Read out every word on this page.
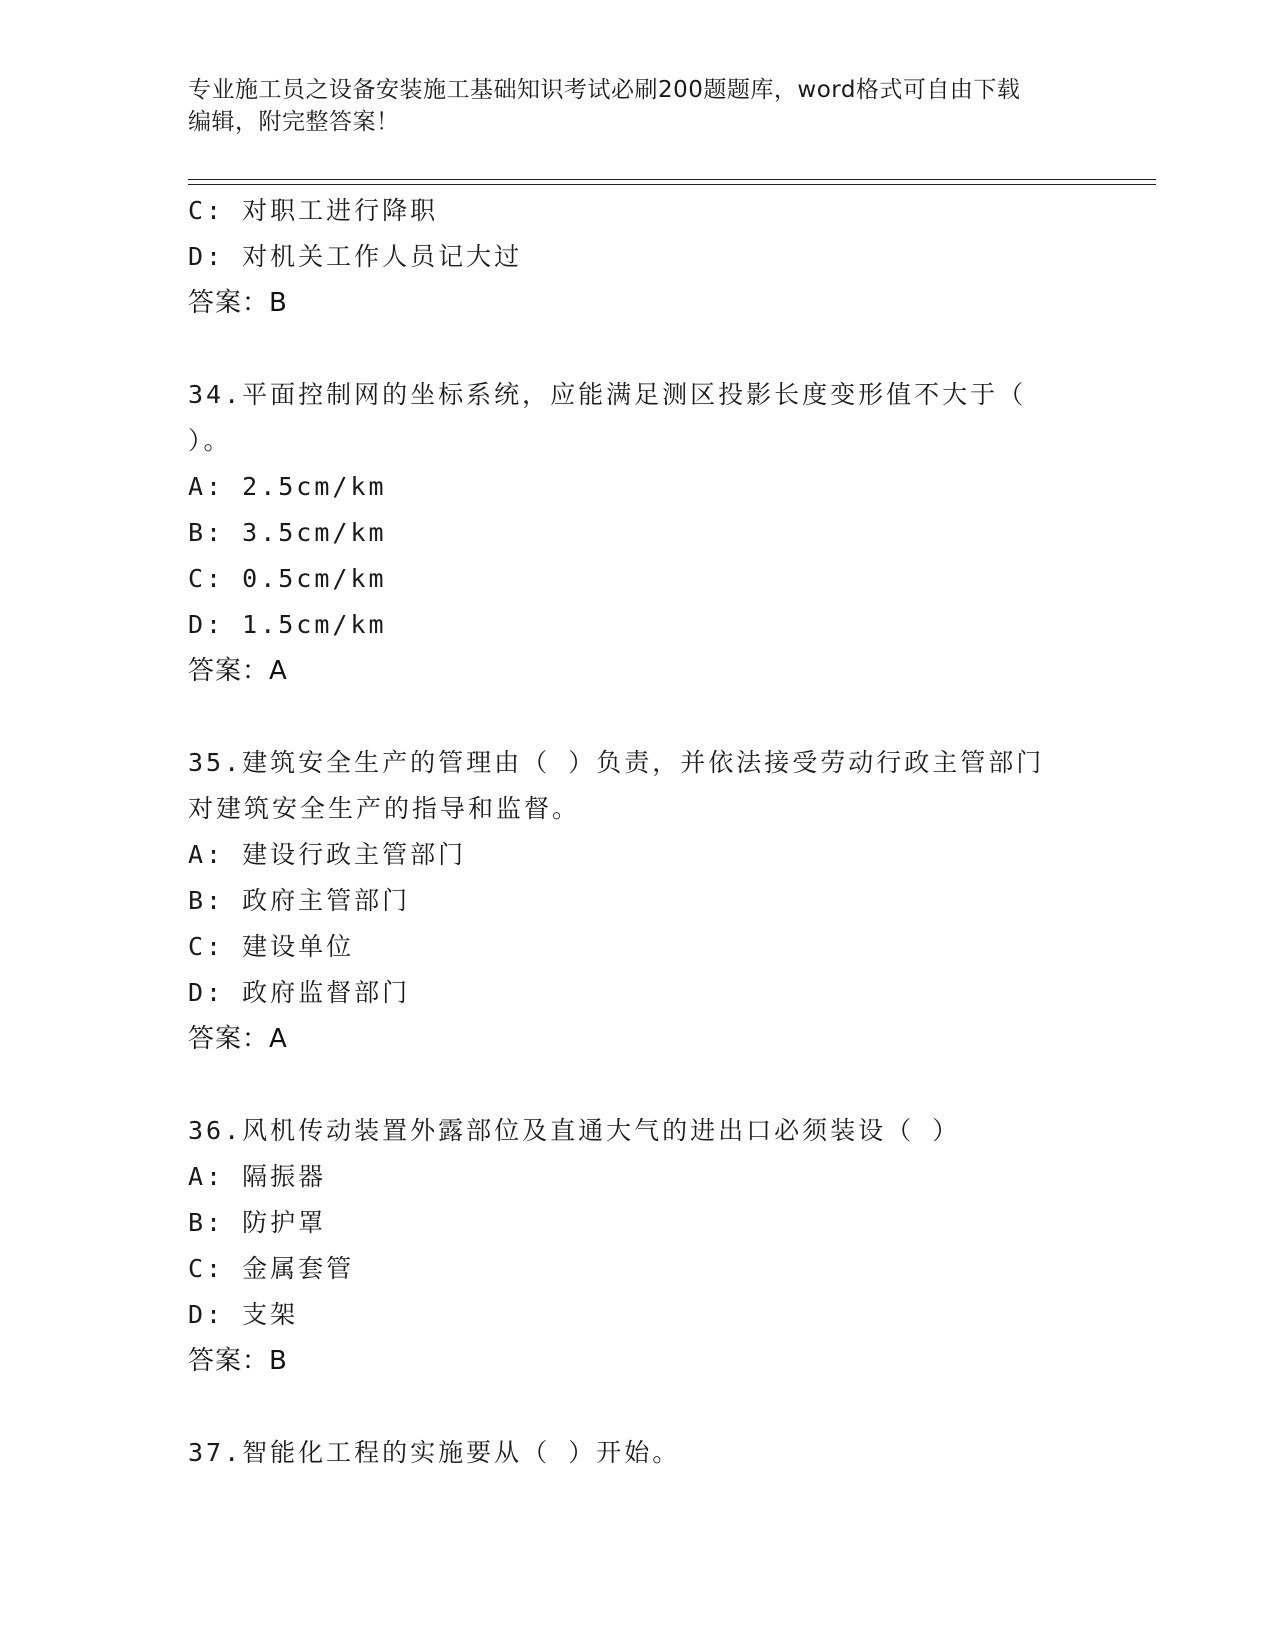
专业施工员之设备安装施工基础知识考试必刷200题题库，word格式可自由下载
编辑，附完整答案！
C: 对职工进行降职
D: 对机关工作人员记大过
答案：B
34.平面控制网的坐标系统，应能满足测区投影长度变形值不大于（
）。
A: 2.5cm/km
B: 3.5cm/km
C: 0.5cm/km
D: 1.5cm/km
答案：A
35.建筑安全生产的管理由（ ）负责，并依法接受劳动行政主管部门
对建筑安全生产的指导和监督。
A: 建设行政主管部门
B: 政府主管部门
C: 建设单位
D: 政府监督部门
答案：A
36.风机传动装置外露部位及直通大气的进出口必须装设（ ）
A: 隔振器
B: 防护罩
C: 金属套管
D: 支架
答案：B
37.智能化工程的实施要从（ ）开始。
